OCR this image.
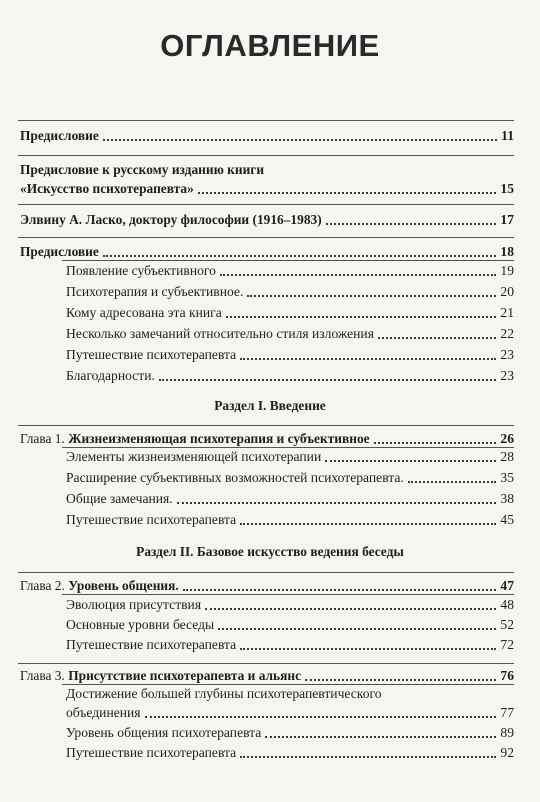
ОГЛАВЛЕНИЕ
Предисловие	11
Предисловие к русскому изданию книги
«Искусство психотерапевта»	15
Элвину А. Ласко, доктору философии (1916–1983)	17
Предисловие	18
Появление субъективного	19
Психотерапия и субъективное.	20
Кому адресована эта книга	21
Несколько замечаний относительно стиля изложения	22
Путешествие психотерапевта	23
Благодарности.	23
Раздел I. Введение
Глава 1. Жизнеизменяющая психотерапия и субъективное	26
Элементы жизнеизменяющей психотерапии	28
Расширение субъективных возможностей психотерапевта.	35
Общие замечания.	38
Путешествие психотерапевта	45
Раздел II. Базовое искусство ведения беседы
Глава 2. Уровень общения.	47
Эволюция присутствия	48
Основные уровни беседы	52
Путешествие психотерапевта	72
Глава 3. Присутствие психотерапевта и альянс	76
Достижение большей глубины психотерапевтического
объединения	77
Уровень общения психотерапевта	89
Путешествие психотерапевта	92
